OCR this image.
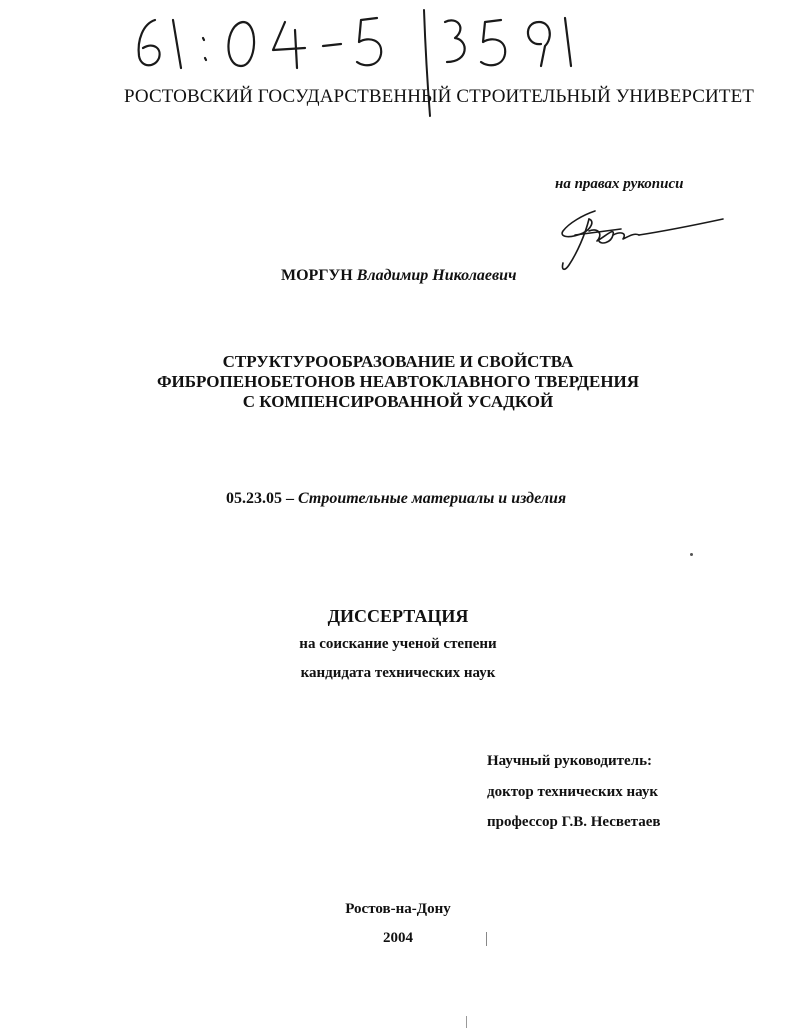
РОСТОВСКИЙ ГОСУДАРСТВЕННЫЙ СТРОИТЕЛЬНЫЙ УНИВЕРСИТЕТ
на правах рукописи
МОРГУН Владимир Николаевич
СТРУКТУРООБРАЗОВАНИЕ И СВОЙСТВА
ФИБРОПЕНОБЕТОНОВ НЕАВТОКЛАВНОГО ТВЕРДЕНИЯ
С КОМПЕНСИРОВАННОЙ УСАДКОЙ
05.23.05 – Строительные материалы и изделия
ДИССЕРТАЦИЯ
на соискание ученой степени
кандидата технических наук
Научный руководитель:
доктор технических наук
профессор Г.В. Несветаев
Ростов-на-Дону
2004
